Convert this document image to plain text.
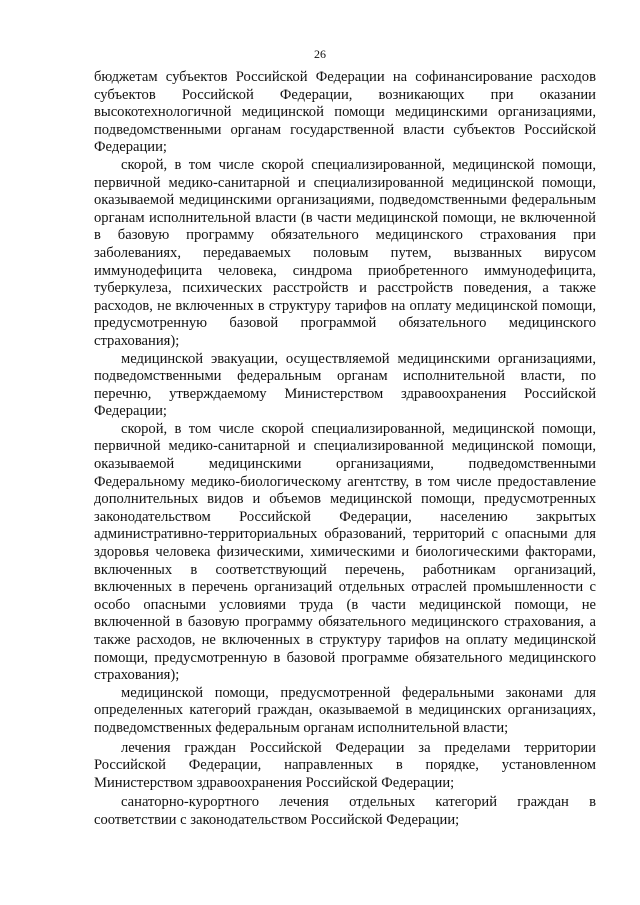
26

бюджетам субъектов Российской Федерации на софинансирование расходов субъектов Российской Федерации, возникающих при оказании высокотехнологичной медицинской помощи медицинскими организациями, подведомственными органам государственной власти субъектов Российской Федерации;

скорой, в том числе скорой специализированной, медицинской помощи, первичной медико-санитарной и специализированной медицинской помощи, оказываемой медицинскими организациями, подведомственными федеральным органам исполнительной власти (в части медицинской помощи, не включенной в базовую программу обязательного медицинского страхования при заболеваниях, передаваемых половым путем, вызванных вирусом иммунодефицита человека, синдрома приобретенного иммунодефицита, туберкулеза, психических расстройств и расстройств поведения, а также расходов, не включенных в структуру тарифов на оплату медицинской помощи, предусмотренную базовой программой обязательного медицинского страхования);

медицинской эвакуации, осуществляемой медицинскими организациями, подведомственными федеральным органам исполнительной власти, по перечню, утверждаемому Министерством здравоохранения Российской Федерации;

скорой, в том числе скорой специализированной, медицинской помощи, первичной медико-санитарной и специализированной медицинской помощи, оказываемой медицинскими организациями, подведомственными Федеральному медико-биологическому агентству, в том числе предоставление дополнительных видов и объемов медицинской помощи, предусмотренных законодательством Российской Федерации, населению закрытых административно-территориальных образований, территорий с опасными для здоровья человека физическими, химическими и биологическими факторами, включенных в соответствующий перечень, работникам организаций, включенных в перечень организаций отдельных отраслей промышленности с особо опасными условиями труда (в части медицинской помощи, не включенной в базовую программу обязательного медицинского страхования, а также расходов, не включенных в структуру тарифов на оплату медицинской помощи, предусмотренную в базовой программе обязательного медицинского страхования);

медицинской помощи, предусмотренной федеральными законами для определенных категорий граждан, оказываемой в медицинских организациях, подведомственных федеральным органам исполнительной власти;

лечения граждан Российской Федерации за пределами территории Российской Федерации, направленных в порядке, установленном Министерством здравоохранения Российской Федерации;

санаторно-курортного лечения отдельных категорий граждан в соответствии с законодательством Российской Федерации;
